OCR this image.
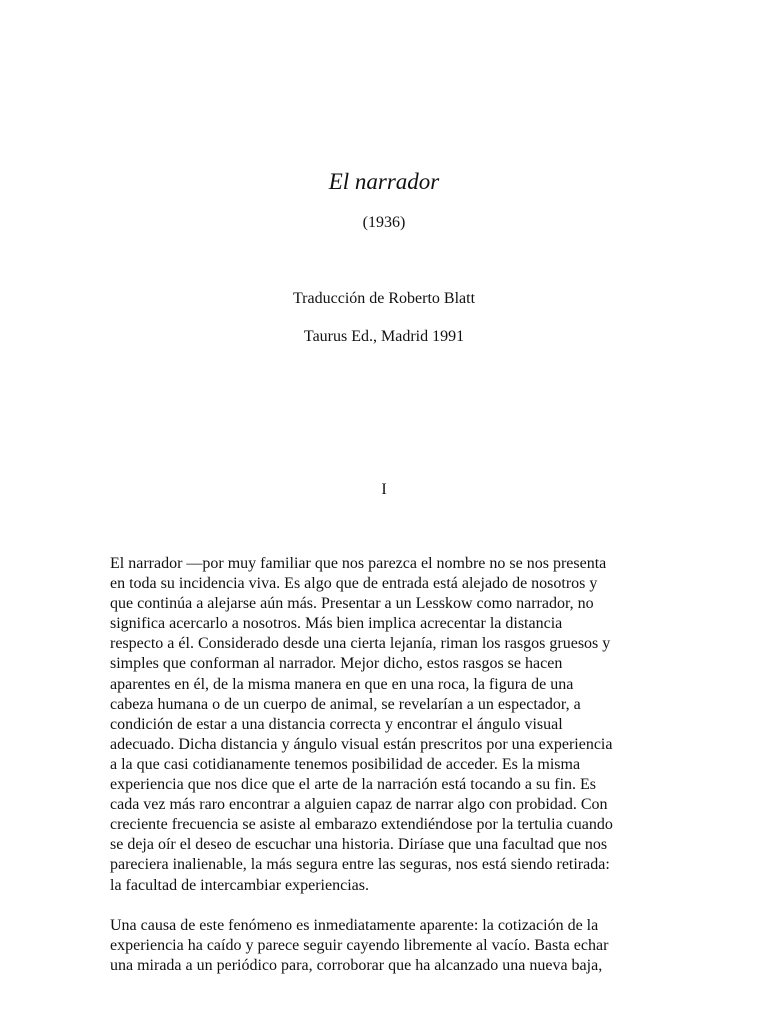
El narrador
(1936)
Traducción de Roberto Blatt
Taurus Ed., Madrid 1991
I
El narrador —por muy familiar que nos parezca el nombre no se nos presenta
en toda su incidencia viva. Es algo que de entrada está alejado de nosotros y
que continúa a alejarse aún más. Presentar a un Lesskow como narrador, no
significa acercarlo a nosotros. Más bien implica acrecentar la distancia
respecto a él. Considerado desde una cierta lejanía, riman los rasgos gruesos y
simples que conforman al narrador. Mejor dicho, estos rasgos se hacen
aparentes en él, de la misma manera en que en una roca, la figura de una
cabeza humana o de un cuerpo de animal, se revelarían a un espectador, a
condición de estar a una distancia correcta y encontrar el ángulo visual
adecuado. Dicha distancia y ángulo visual están prescritos por una experiencia
a la que casi cotidianamente tenemos posibilidad de acceder. Es la misma
experiencia que nos dice que el arte de la narración está tocando a su fin. Es
cada vez más raro encontrar a alguien capaz de narrar algo con probidad. Con
creciente frecuencia se asiste al embarazo extendiéndose por la tertulia cuando
se deja oír el deseo de escuchar una historia. Diríase que una facultad que nos
pareciera inalienable, la más segura entre las seguras, nos está siendo retirada:
la facultad de intercambiar experiencias.
Una causa de este fenómeno es inmediatamente aparente: la cotización de la
experiencia ha caído y parece seguir cayendo libremente al vacío. Basta echar
una mirada a un periódico para, corroborar que ha alcanzado una nueva baja,
